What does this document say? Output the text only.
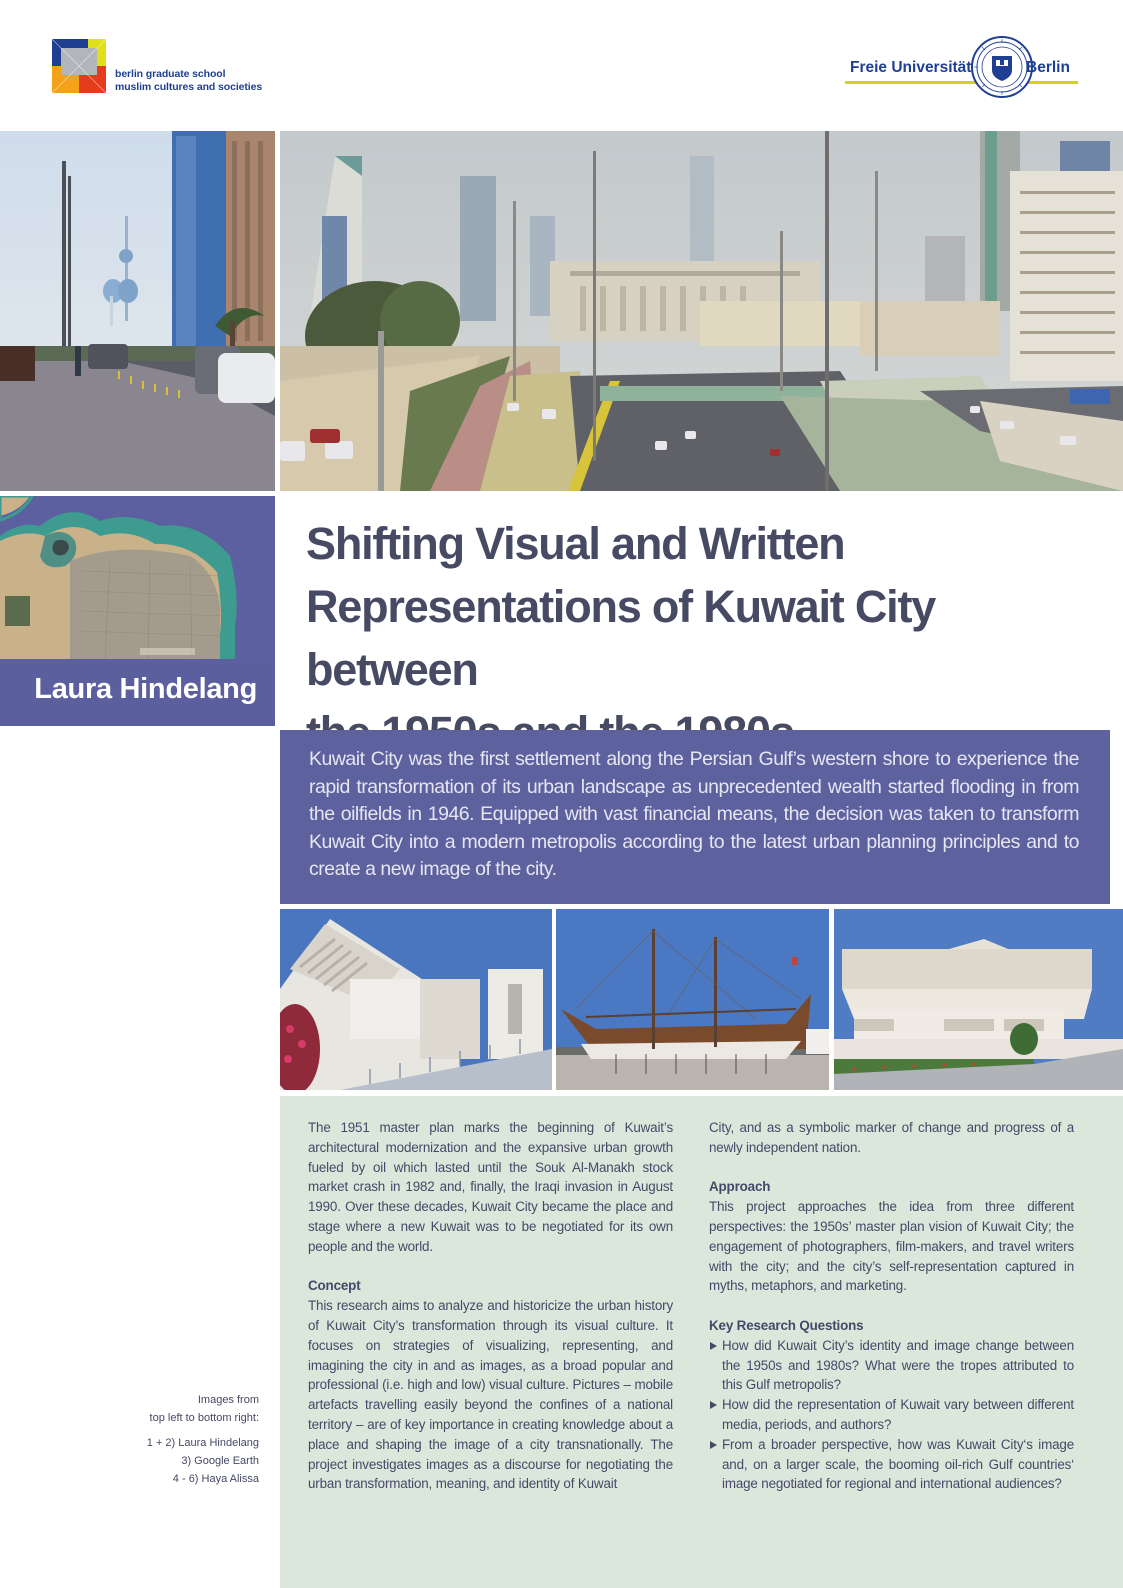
berlin graduate school
muslim cultures and societies
Freie Universität	Berlin
Laura Hindelang
Shifting Visual and Written
Representations of Kuwait City between

Kuwait City was the first settlement along the Persian Gulf’s western shore to experience the rapid transformation of its urban landscape as unprecedented wealth started flooding in from the oilfields in 1946. Equipped with vast financial means, the decision was taken to transform Kuwait City into a modern metropolis according to the latest urban planning principles and to create a new image of the city.

The 1951 master plan marks the beginning of Kuwait’s architectural modernization and the expansive urban growth fueled by oil which lasted until the Souk Al-Manakh stock market crash in 1982 and, finally, the Iraqi invasion in August 1990. Over these decades, Kuwait City became the place and stage where a new Kuwait was to be negotiated for its own people and the world.

Concept

This research aims to analyze and historicize the urban history of Kuwait City’s transformation through its visual culture. It focuses on strategies of visualizing, representing, and imagining the city in and as images, as a broad popular and professional (i.e. high and low) visual culture. Pictures – mobile artefacts travelling easily beyond the confines of a national territory – are of key importance in creating knowledge about a place and shaping the image of a city transnationally. The project investigates images as a discourse for negotiating the urban transformation, meaning, and identity of Kuwait

City, and as a symbolic marker of change and progress of a newly independent nation.

Approach

This project approaches the idea from three different perspectives: the 1950s’ master plan vision of Kuwait City; the engagement of photographers, film-makers, and travel writers with the city; and the city’s self-representation captured in myths, metaphors, and marketing.

Key Research Questions
How did Kuwait City’s identity and image change between the 1950s and 1980s? What were the tropes attributed to this Gulf metropolis?
How did the representation of Kuwait vary between different media, periods, and authors?
From a broader perspective, how was Kuwait City‘s image and, on a larger scale, the booming oil-rich Gulf countries‘ image negotiated for regional and international audiences?
Images from
top left to bottom right:
1 + 2) Laura Hindelang
3) Google Earth
4 - 6) Haya Alissa
